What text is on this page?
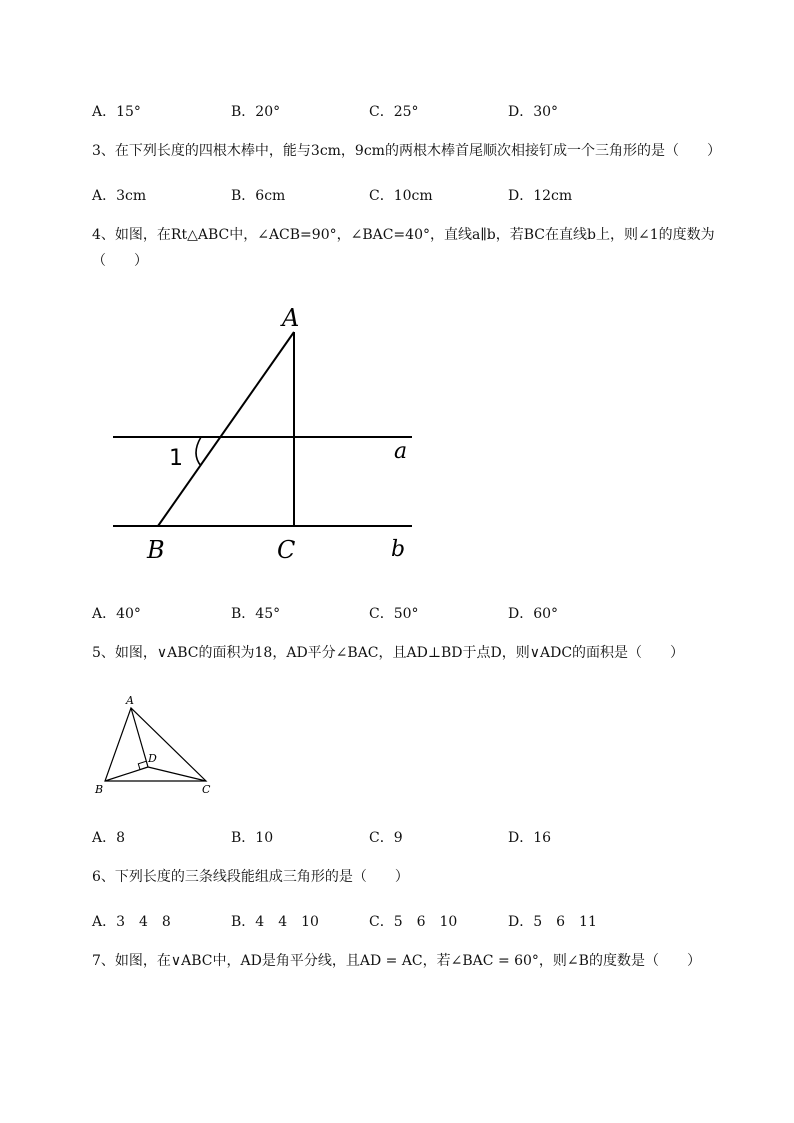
A．15°	B．20°	C．25°	D．30°
3、在下列长度的四根木棒中，能与3cm，9cm的两根木棒首尾顺次相接钉成一个三角形的是（　　）
A．3cm	B．6cm	C．10cm	D．12cm
4、如图，在Rt△ABC中，∠ACB=90°，∠BAC=40°，直线a∥b，若BC在直线b上，则∠1的度数为（　　）
A
B	C
a
b
1
A．40°	B．45°	C．50°	D．60°
5、如图，∨ABC的面积为18，AD平分∠BAC，且AD⊥BD于点D，则∨ADC的面积是（　　）
A
B	C
D
A．8	B．10	C．9	D．16
6、下列长度的三条线段能组成三角形的是（　　）
A．3　4　8	B．4　4　10	C．5　6　10	D．5　6　11
7、如图，在∨ABC中，AD是角平分线，且AD = AC，若∠BAC = 60°，则∠B的度数是（　　）
